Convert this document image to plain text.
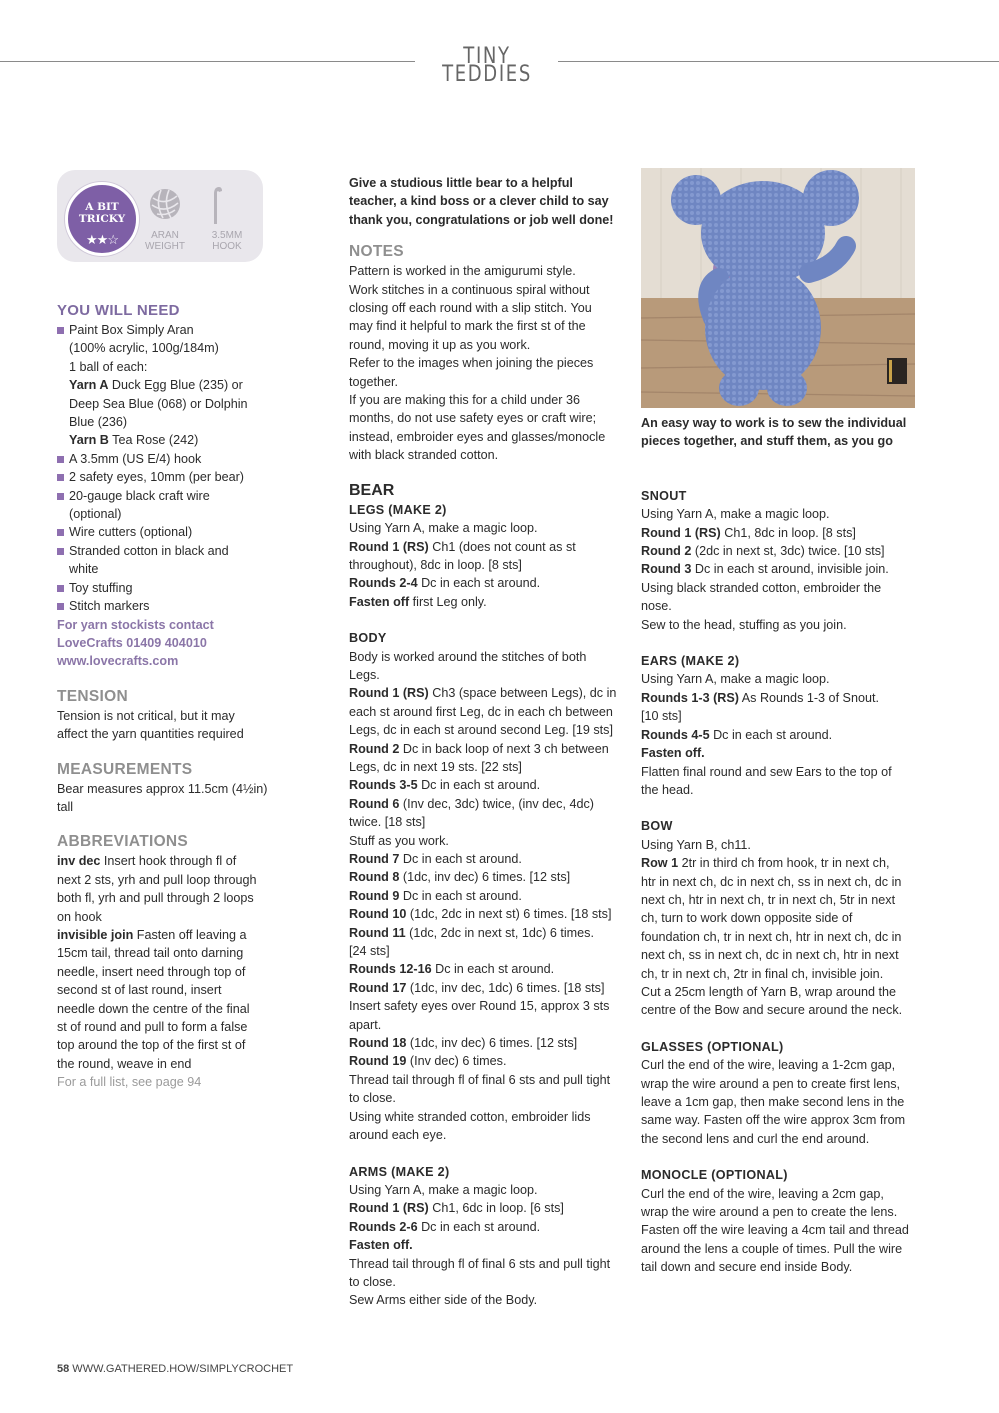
TINY TEDDIES
A BIT
TRICKY
★★☆	ARAN
WEIGHT
3.5MM
HOOK
YOU WILL NEED
Paint Box Simply Aran
(100% acrylic, 100g/184m)
1 ball of each:
Yarn A Duck Egg Blue (235) or
Deep Sea Blue (068) or Dolphin
Blue (236)
Yarn B Tea Rose (242)
A 3.5mm (US E/4) hook
2 safety eyes, 10mm (per bear)
20-gauge black craft wire
(optional)
Wire cutters (optional)
Stranded cotton in black and
white
Toy stuffing
Stitch markers
For yarn stockists contact
LoveCrafts 01409 404010
www.lovecrafts.com
TENSION
Tension is not critical, but it may
affect the yarn quantities required
MEASUREMENTS
Bear measures approx 11.5cm (4½in)
tall
ABBREVIATIONS
inv dec Insert hook through fl of
next 2 sts, yrh and pull loop through
both fl, yrh and pull through 2 loops
on hook
invisible join Fasten off leaving a
15cm tail, thread tail onto darning
needle, insert need through top of
second st of last round, insert
needle down the centre of the final
st of round and pull to form a false
top around the top of the first st of
the round, weave in end
For a full list, see page 94
Give a studious little bear to a helpful
teacher, a kind boss or a clever child to say
thank you, congratulations or job well done!
NOTES
Pattern is worked in the amigurumi style.
Work stitches in a continuous spiral without
closing off each round with a slip stitch. You
may find it helpful to mark the first st of the
round, moving it up as you work.
Refer to the images when joining the pieces
together.
If you are making this for a child under 36
months, do not use safety eyes or craft wire;
instead, embroider eyes and glasses/monocle
with black stranded cotton.
BEAR
LEGS (MAKE 2)
Using Yarn A, make a magic loop.
Round 1 (RS) Ch1 (does not count as st
throughout), 8dc in loop. [8 sts]
Rounds 2-4 Dc in each st around.
Fasten off first Leg only.
BODY
Body is worked around the stitches of both
Legs.
Round 1 (RS) Ch3 (space between Legs), dc in
each st around first Leg, dc in each ch between
Legs, dc in each st around second Leg. [19 sts]
Round 2 Dc in back loop of next 3 ch between
Legs, dc in next 19 sts. [22 sts]
Rounds 3-5 Dc in each st around.
Round 6 (Inv dec, 3dc) twice, (inv dec, 4dc)
twice. [18 sts]
Stuff as you work.
Round 7 Dc in each st around.
Round 8 (1dc, inv dec) 6 times. [12 sts]
Round 9 Dc in each st around.
Round 10 (1dc, 2dc in next st) 6 times. [18 sts]
Round 11 (1dc, 2dc in next st, 1dc) 6 times.
[24 sts]
Rounds 12-16 Dc in each st around.
Round 17 (1dc, inv dec, 1dc) 6 times. [18 sts]
Insert safety eyes over Round 15, approx 3 sts
apart.
Round 18 (1dc, inv dec) 6 times. [12 sts]
Round 19 (Inv dec) 6 times.
Thread tail through fl of final 6 sts and pull tight
to close.
Using white stranded cotton, embroider lids
around each eye.
ARMS (MAKE 2)
Using Yarn A, make a magic loop.
Round 1 (RS) Ch1, 6dc in loop. [6 sts]
Rounds 2-6 Dc in each st around.
Fasten off.
Thread tail through fl of final 6 sts and pull tight
to close.
Sew Arms either side of the Body.
An easy way to work is to sew the individual
pieces together, and stuff them, as you go
SNOUT
Using Yarn A, make a magic loop.
Round 1 (RS) Ch1, 8dc in loop. [8 sts]
Round 2 (2dc in next st, 3dc) twice. [10 sts]
Round 3 Dc in each st around, invisible join.
Using black stranded cotton, embroider the
nose.
Sew to the head, stuffing as you join.
EARS (MAKE 2)
Using Yarn A, make a magic loop.
Rounds 1-3 (RS) As Rounds 1-3 of Snout.
[10 sts]
Rounds 4-5 Dc in each st around.
Fasten off.
Flatten final round and sew Ears to the top of
the head.
BOW
Using Yarn B, ch11.
Row 1 2tr in third ch from hook, tr in next ch,
htr in next ch, dc in next ch, ss in next ch, dc in
next ch, htr in next ch, tr in next ch, 5tr in next
ch, turn to work down opposite side of
foundation ch, tr in next ch, htr in next ch, dc in
next ch, ss in next ch, dc in next ch, htr in next
ch, tr in next ch, 2tr in final ch, invisible join.
Cut a 25cm length of Yarn B, wrap around the
centre of the Bow and secure around the neck.
GLASSES (OPTIONAL)
Curl the end of the wire, leaving a 1-2cm gap,
wrap the wire around a pen to create first lens,
leave a 1cm gap, then make second lens in the
same way. Fasten off the wire approx 3cm from
the second lens and curl the end around.
MONOCLE (OPTIONAL)
Curl the end of the wire, leaving a 2cm gap,
wrap the wire around a pen to create the lens.
Fasten off the wire leaving a 4cm tail and thread
around the lens a couple of times. Pull the wire
tail down and secure end inside Body.
58 WWW.GATHERED.HOW/SIMPLYCROCHET
